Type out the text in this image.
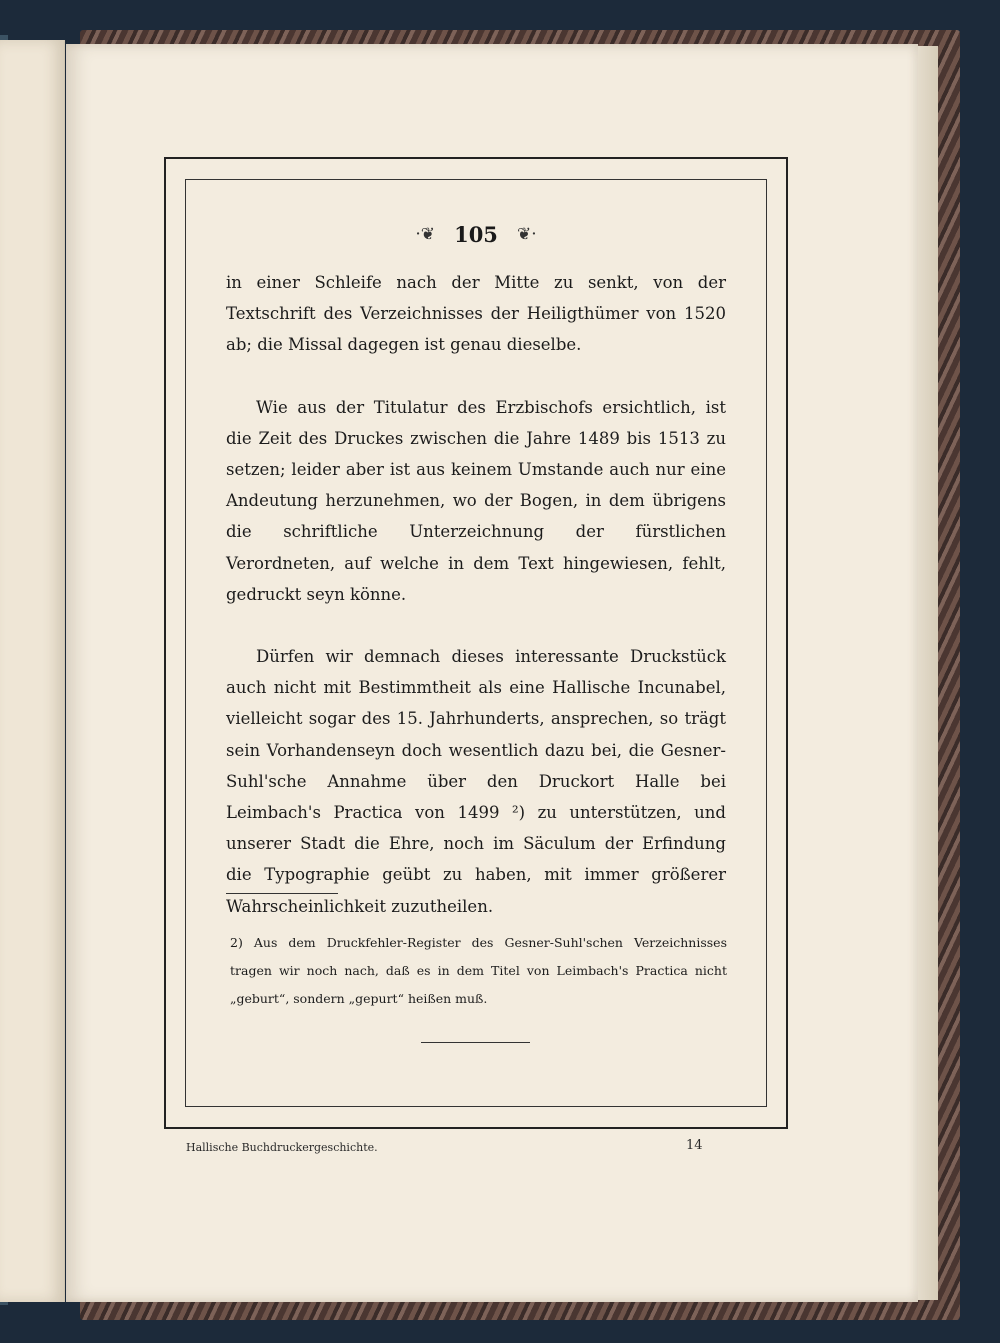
·❦ 105 ❦·

in einer Schleife nach der Mitte zu senkt, von der Textschrift des Verzeichnisses der Heiligthümer von 1520 ab; die Missal dagegen ist genau dieselbe.

Wie aus der Titulatur des Erzbischofs ersichtlich, ist die Zeit des Druckes zwischen die Jahre 1489 bis 1513 zu setzen; leider aber ist aus keinem Umstande auch nur eine Andeutung herzunehmen, wo der Bogen, in dem übrigens die schriftliche Unterzeichnung der fürstlichen Verordneten, auf welche in dem Text hingewiesen, fehlt, gedruckt seyn könne.

Dürfen wir demnach dieses interessante Druckstück auch nicht mit Bestimmtheit als eine Hallische Incunabel, vielleicht sogar des 15. Jahrhunderts, ansprechen, so trägt sein Vorhandenseyn doch wesentlich dazu bei, die Gesner-Suhl'sche Annahme über den Druckort Halle bei Leimbach's Practica von 1499 ²) zu unterstützen, und unserer Stadt die Ehre, noch im Säculum der Erfindung die Typographie geübt zu haben, mit immer größerer Wahrscheinlichkeit zuzutheilen.

2) Aus dem Druckfehler-Register des Gesner-Suhl'schen Verzeichnisses tragen wir noch nach, daß es in dem Titel von Leimbach's Practica nicht „geburt“, sondern „gepurt“ heißen muß.
Hallische Buchdruckergeschichte.	14
